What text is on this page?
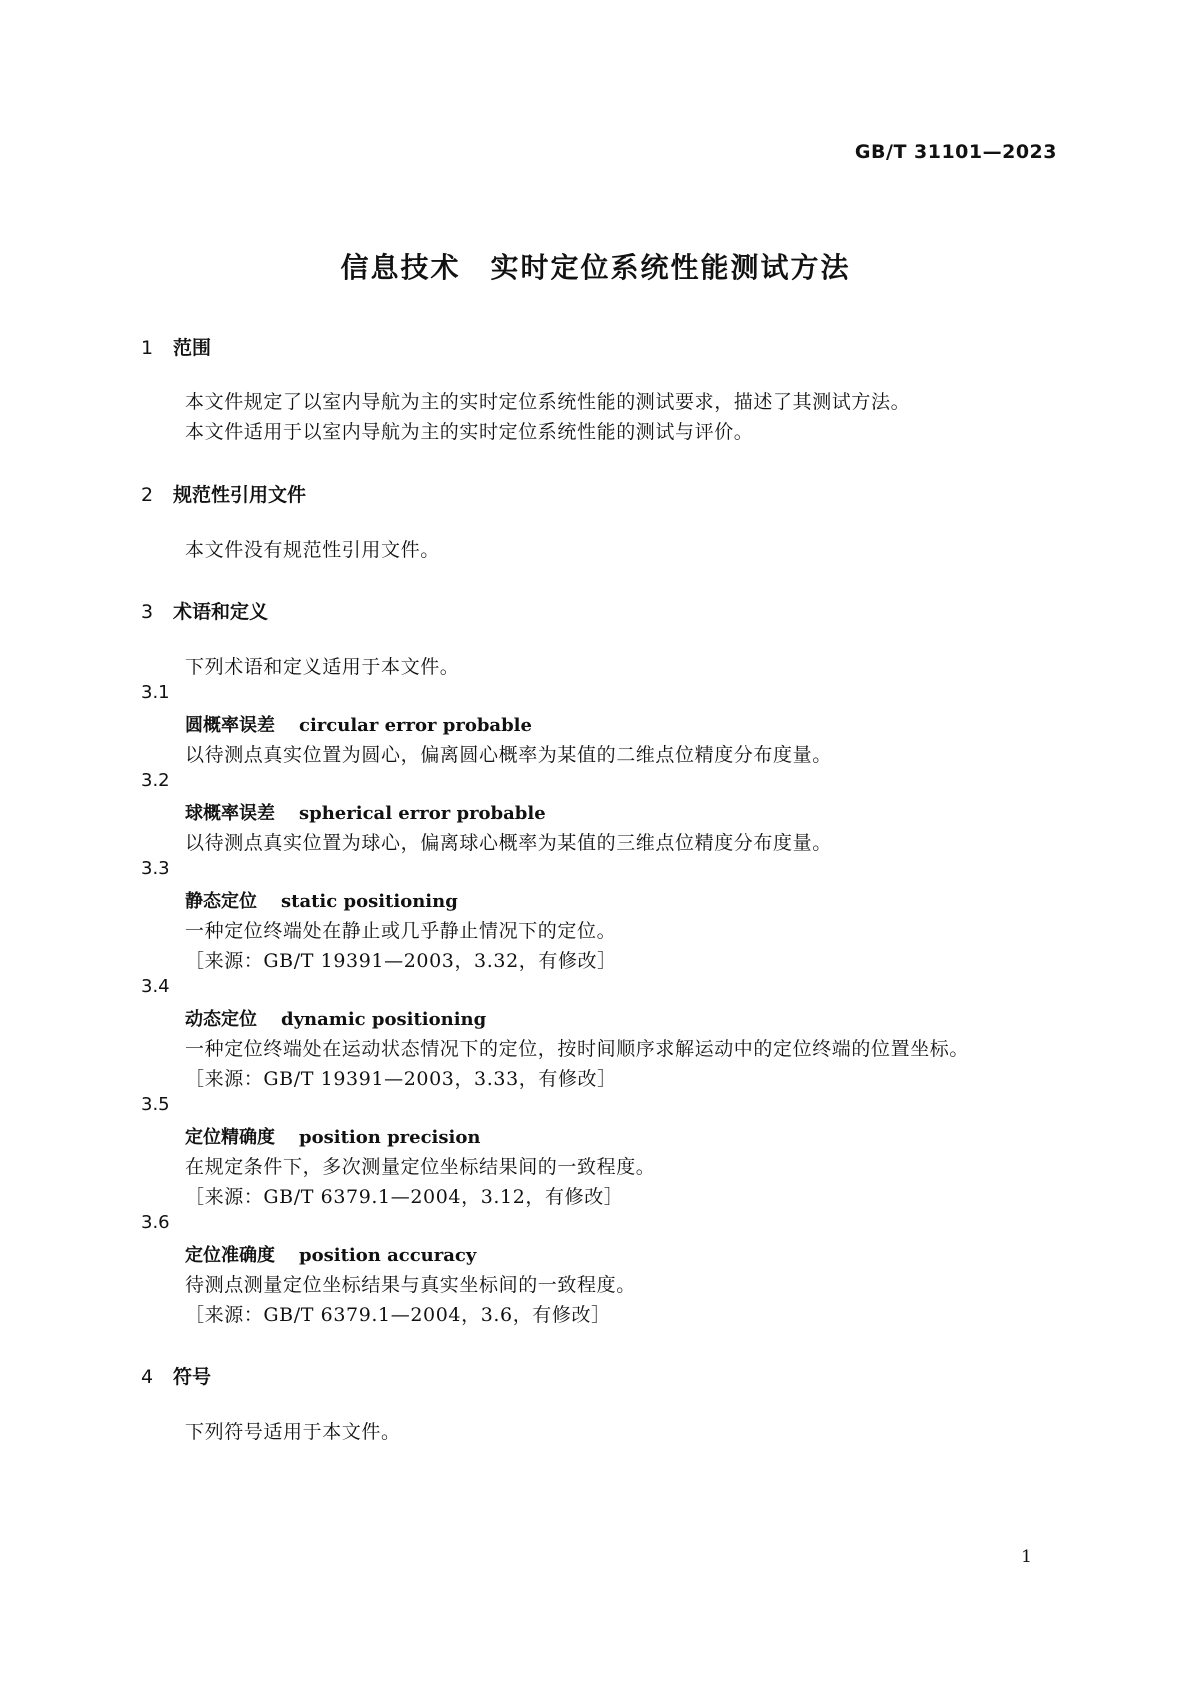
GB/T 31101—2023
信息技术　实时定位系统性能测试方法
1 范围
本文件规定了以室内导航为主的实时定位系统性能的测试要求，描述了其测试方法。
本文件适用于以室内导航为主的实时定位系统性能的测试与评价。
2 规范性引用文件
本文件没有规范性引用文件。
3 术语和定义
下列术语和定义适用于本文件。
3.1
圆概率误差 circular error probable
以待测点真实位置为圆心，偏离圆心概率为某值的二维点位精度分布度量。
3.2
球概率误差 spherical error probable
以待测点真实位置为球心，偏离球心概率为某值的三维点位精度分布度量。
3.3
静态定位 static positioning
一种定位终端处在静止或几乎静止情况下的定位。
［来源：GB/T 19391—2003，3.32，有修改］
3.4
动态定位 dynamic positioning
一种定位终端处在运动状态情况下的定位，按时间顺序求解运动中的定位终端的位置坐标。
［来源：GB/T 19391—2003，3.33，有修改］
3.5
定位精确度 position precision
在规定条件下，多次测量定位坐标结果间的一致程度。
［来源：GB/T 6379.1—2004，3.12，有修改］
3.6
定位准确度 position accuracy
待测点测量定位坐标结果与真实坐标间的一致程度。
［来源：GB/T 6379.1—2004，3.6，有修改］
4 符号
下列符号适用于本文件。
1
